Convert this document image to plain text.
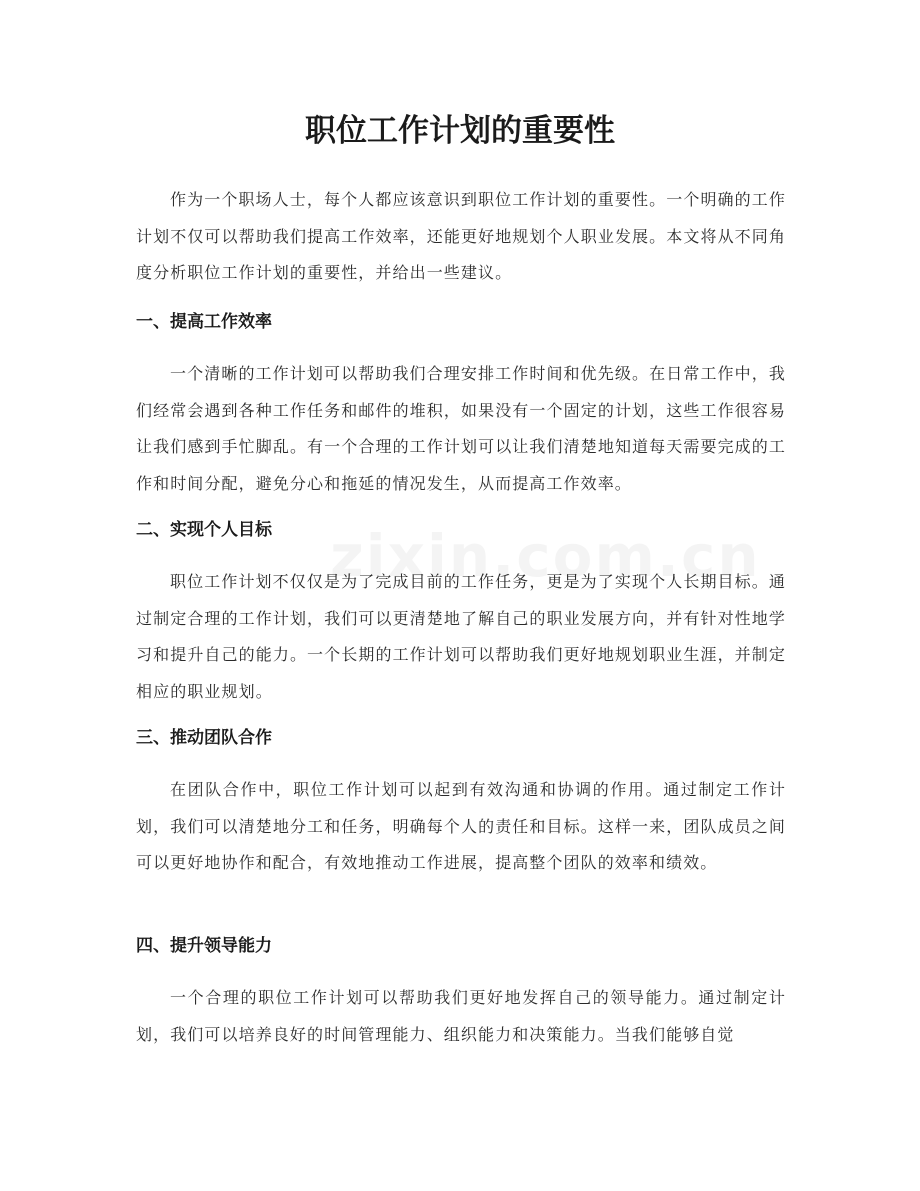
职位工作计划的重要性

作为一个职场人士，每个人都应该意识到职位工作计划的重要性。一个明确的工作计划不仅可以帮助我们提高工作效率，还能更好地规划个人职业发展。本文将从不同角度分析职位工作计划的重要性，并给出一些建议。

一、提高工作效率

一个清晰的工作计划可以帮助我们合理安排工作时间和优先级。在日常工作中，我们经常会遇到各种工作任务和邮件的堆积，如果没有一个固定的计划，这些工作很容易让我们感到手忙脚乱。有一个合理的工作计划可以让我们清楚地知道每天需要完成的工作和时间分配，避免分心和拖延的情况发生，从而提高工作效率。

二、实现个人目标

职位工作计划不仅仅是为了完成目前的工作任务，更是为了实现个人长期目标。通过制定合理的工作计划，我们可以更清楚地了解自己的职业发展方向，并有针对性地学习和提升自己的能力。一个长期的工作计划可以帮助我们更好地规划职业生涯，并制定相应的职业规划。

三、推动团队合作

在团队合作中，职位工作计划可以起到有效沟通和协调的作用。通过制定工作计划，我们可以清楚地分工和任务，明确每个人的责任和目标。这样一来，团队成员之间可以更好地协作和配合，有效地推动工作进展，提高整个团队的效率和绩效。

四、提升领导能力

一个合理的职位工作计划可以帮助我们更好地发挥自己的领导能力。通过制定计划，我们可以培养良好的时间管理能力、组织能力和决策能力。当我们能够自觉
